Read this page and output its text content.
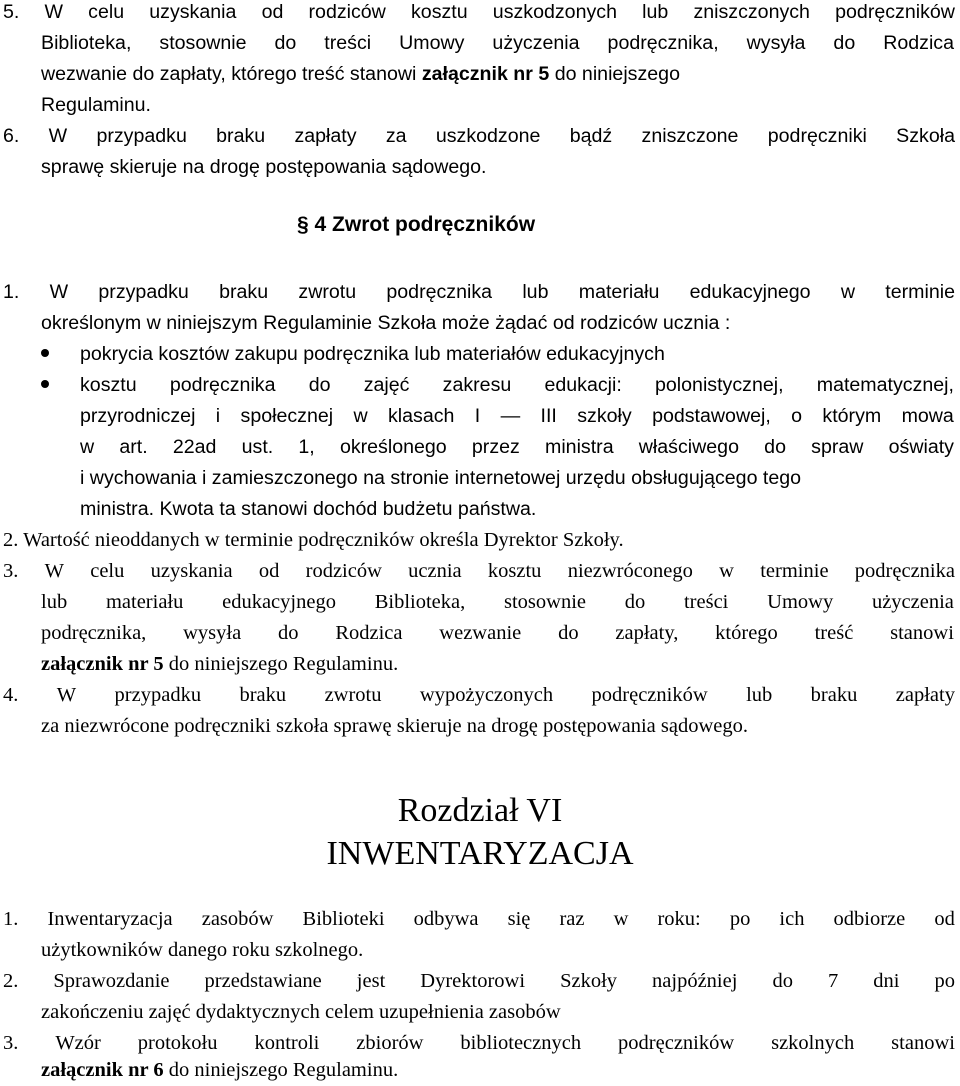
5. W celu uzyskania od rodziców kosztu uszkodzonych lub zniszczonych podręczników
Biblioteka, stosownie do treści Umowy użyczenia podręcznika, wysyła do Rodzica
wezwanie do zapłaty, którego treść stanowi załącznik nr 5 do niniejszego
Regulaminu.
6. W przypadku braku zapłaty za uszkodzone bądź zniszczone podręczniki Szkoła
sprawę skieruje na drogę postępowania sądowego.
§ 4 Zwrot podręczników
1. W przypadku braku zwrotu podręcznika lub materiału edukacyjnego w terminie
określonym w niniejszym Regulaminie Szkoła może żądać od rodziców ucznia :
pokrycia kosztów zakupu podręcznika lub materiałów edukacyjnych
kosztu podręcznika do zajęć zakresu edukacji: polonistycznej, matematycznej,
przyrodniczej i społecznej w klasach I — III szkoły podstawowej, o którym mowa
w art. 22ad ust. 1, określonego przez ministra właściwego do spraw oświaty
i wychowania i zamieszczonego na stronie internetowej urzędu obsługującego tego
ministra. Kwota ta stanowi dochód budżetu państwa.
2. Wartość nieoddanych w terminie podręczników określa Dyrektor Szkoły.
3. W celu uzyskania od rodziców ucznia kosztu niezwróconego w terminie podręcznika
lub materiału edukacyjnego Biblioteka, stosownie do treści Umowy użyczenia
podręcznika, wysyła do Rodzica wezwanie do zapłaty, którego treść stanowi
załącznik nr 5 do niniejszego Regulaminu.
4. W przypadku braku zwrotu wypożyczonych podręczników lub braku zapłaty
za niezwrócone podręczniki szkoła sprawę skieruje na drogę postępowania sądowego.
Rozdział VI
INWENTARYZACJA
1. Inwentaryzacja zasobów Biblioteki odbywa się raz w roku: po ich odbiorze od
użytkowników danego roku szkolnego.
2. Sprawozdanie przedstawiane jest Dyrektorowi Szkoły najpóźniej do 7 dni po
zakończeniu zajęć dydaktycznych celem uzupełnienia zasobów
3. Wzór protokołu kontroli zbiorów bibliotecznych podręczników szkolnych stanowi
załącznik nr 6 do niniejszego Regulaminu.
